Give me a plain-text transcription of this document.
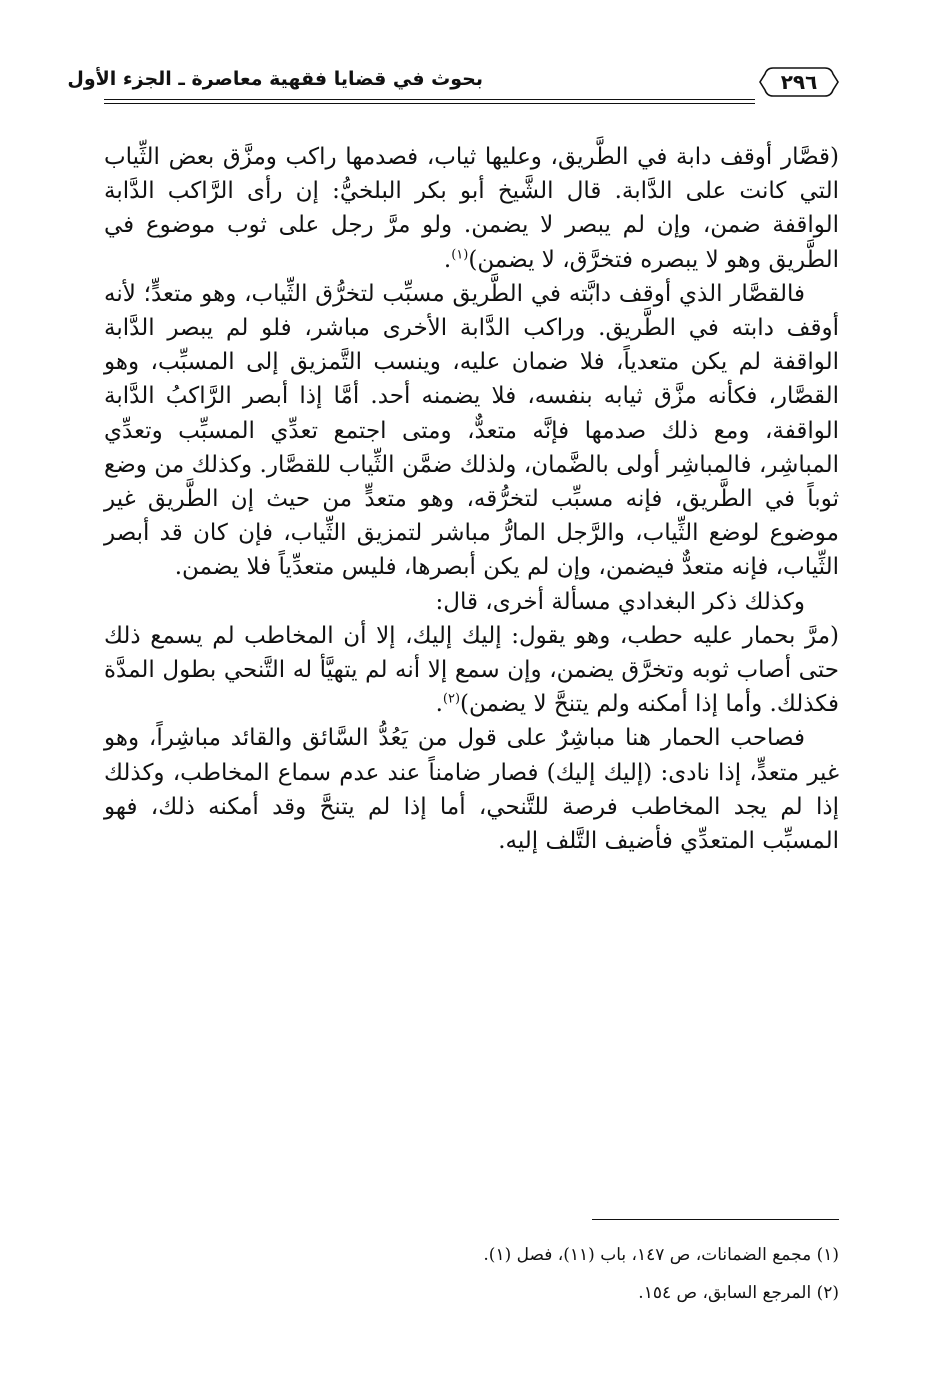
٢٩٦
بحوث في قضايا فقهية معاصرة ـ الجزء الأول

(قصَّار أوقف دابة في الطَّريق، وعليها ثياب، فصدمها راكب ومزَّق بعض الثِّياب التي كانت على الدَّابة. قال الشَّيخ أبو بكر البلخيُّ: إن رأى الرَّاكب الدَّابة الواقفة ضمن، وإن لم يبصر لا يضمن. ولو مرَّ رجل على ثوب موضوع في الطَّريق وهو لا يبصره فتخرَّق، لا يضمن)$^{(١)}$.

فالقصَّار الذي أوقف دابَّته في الطَّريق مسبِّب لتخرُّق الثِّياب، وهو متعدٍّ؛ لأنه أوقف دابته في الطَّريق. وراكب الدَّابة الأخرى مباشر، فلو لم يبصر الدَّابة الواقفة لم يكن متعدياً، فلا ضمان عليه، وينسب التَّمزيق إلى المسبِّب، وهو القصَّار، فكأنه مزَّق ثيابه بنفسه، فلا يضمنه أحد. أمَّا إذا أبصر الرَّاكبُ الدَّابة الواقفة، ومع ذلك صدمها فإنَّه متعدٌّ، ومتى اجتمع تعدِّي المسبِّب وتعدِّي المباشِر، فالمباشِر أولى بالضَّمان، ولذلك ضمَّن الثِّياب للقصَّار. وكذلك من وضع ثوباً في الطَّريق، فإنه مسبِّب لتخرُّقه، وهو متعدٍّ من حيث إن الطَّريق غير موضوع لوضع الثِّياب، والرَّجل المارُّ مباشر لتمزيق الثِّياب، فإن كان قد أبصر الثِّياب، فإنه متعدٌّ فيضمن، وإن لم يكن أبصرها، فليس متعدِّياً فلا يضمن.

وكذلك ذكر البغدادي مسألة أخرى، قال:

(مرَّ بحمار عليه حطب، وهو يقول: إليك إليك، إلا أن المخاطب لم يسمع ذلك حتى أصاب ثوبه وتخرَّق يضمن، وإن سمع إلا أنه لم يتهيَّأ له التَّنحي بطول المدَّة فكذلك. وأما إذا أمكنه ولم يتنحَّ لا يضمن)$^{(٢)}$.

فصاحب الحمار هنا مباشِرٌ على قول من يَعُدُّ السَّائق والقائد مباشِراً، وهو غير متعدٍّ، إذا نادى: (إليك إليك) فصار ضامناً عند عدم سماع المخاطب، وكذلك إذا لم يجد المخاطب فرصة للتَّنحي، أما إذا لم يتنحَّ وقد أمكنه ذلك، فهو المسبِّب المتعدِّي فأضيف التَّلف إليه.

(١) مجمع الضمانات، ص ١٤٧، باب (١١)، فصل (١).

(٢) المرجع السابق، ص ١٥٤.
